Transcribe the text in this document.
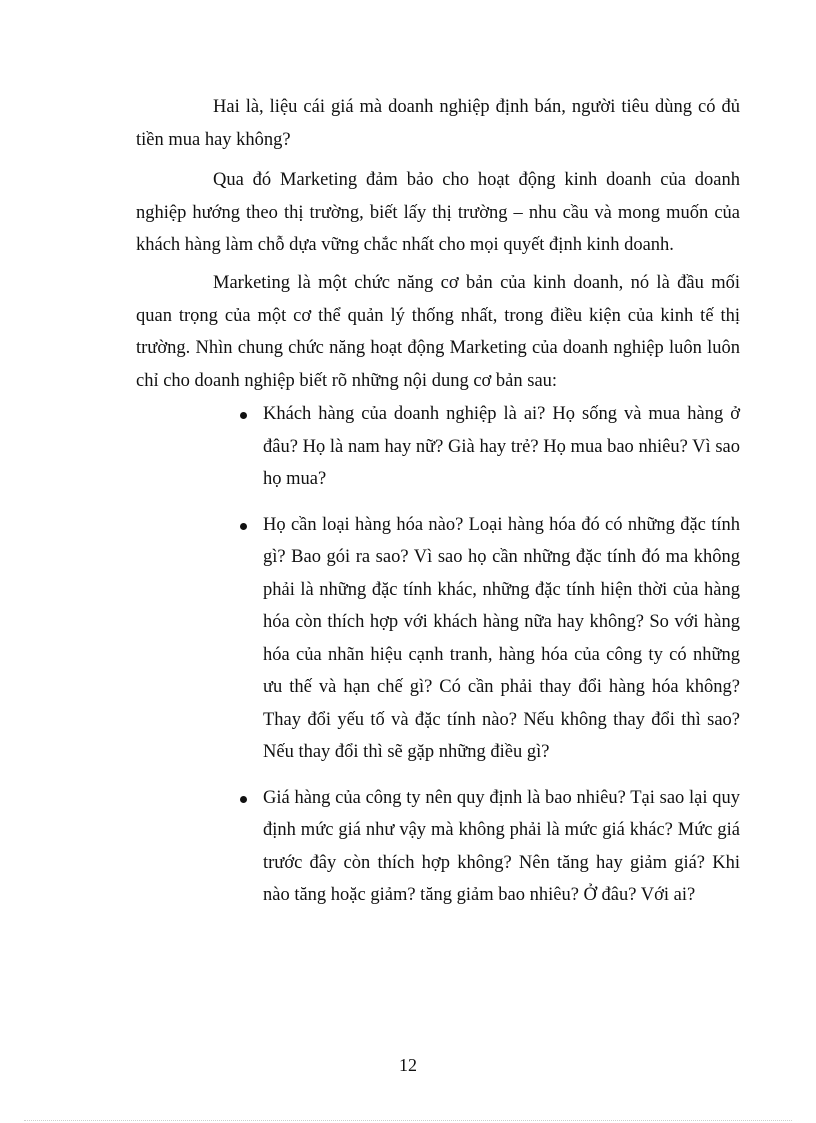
Hai là, liệu cái giá mà doanh nghiệp định bán, người tiêu dùng có đủ tiền mua hay không?

Qua đó Marketing đảm bảo cho hoạt động kinh doanh của doanh nghiệp hướng theo thị trường, biết lấy thị trường – nhu cầu và mong muốn của khách hàng làm chỗ dựa vững chắc nhất cho mọi quyết định kinh doanh.

Marketing là một chức năng cơ bản của kinh doanh, nó là đầu mối quan trọng của một cơ thể quản lý thống nhất, trong điều kiện của kinh tế thị trường. Nhìn chung chức năng hoạt động Marketing của doanh nghiệp luôn luôn chỉ cho doanh nghiệp biết rõ những nội dung cơ bản sau:

Khách hàng của doanh nghiệp là ai? Họ sống và mua hàng ở đâu? Họ là nam hay nữ? Già hay trẻ? Họ mua bao nhiêu? Vì sao họ mua?
Họ cần loại hàng hóa nào? Loại hàng hóa đó có những đặc tính gì? Bao gói ra sao? Vì sao họ cần những đặc tính đó ma không phải là những đặc tính khác, những đặc tính hiện thời của hàng hóa còn thích hợp với khách hàng nữa hay không? So với hàng hóa của nhãn hiệu cạnh tranh, hàng hóa của công ty có những ưu thế và hạn chế gì? Có cần phải thay đổi hàng hóa không? Thay đổi yếu tố và đặc tính nào? Nếu không thay đổi thì sao? Nếu thay đổi thì sẽ gặp những điều gì?
Giá hàng của công ty nên quy định là bao nhiêu? Tại sao lại quy định mức giá như vậy mà không phải là mức giá khác? Mức giá trước đây còn thích hợp không? Nên tăng hay giảm giá? Khi nào tăng hoặc giảm? tăng giảm bao nhiêu? Ở đâu? Với ai?
12
